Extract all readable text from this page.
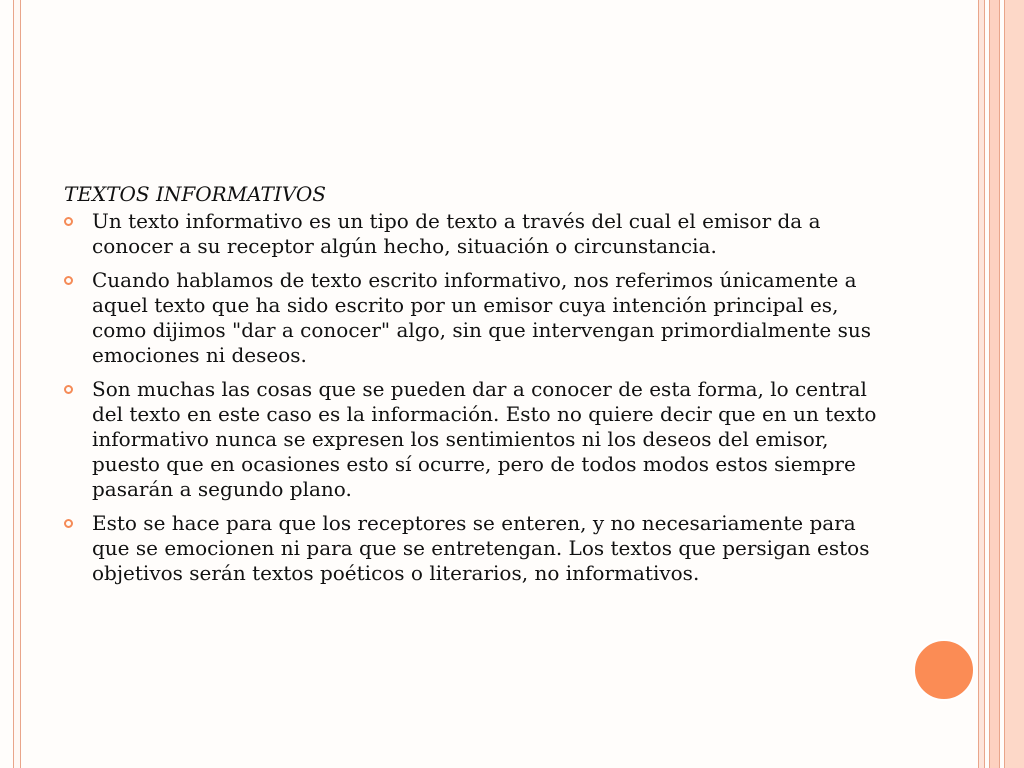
TEXTOS INFORMATIVOS
Un texto informativo es un tipo de texto a través del cual el emisor da a conocer a su receptor algún hecho, situación o circunstancia.
Cuando hablamos de texto escrito informativo, nos referimos únicamente a aquel texto que ha sido escrito por un emisor cuya intención principal es, como dijimos "dar a conocer" algo, sin que intervengan primordialmente sus emociones ni deseos.
Son muchas las cosas que se pueden dar a conocer de esta forma, lo central del texto en este caso es la información. Esto no quiere decir que en un texto informativo nunca se expresen los sentimientos ni los deseos del emisor, puesto que en ocasiones esto sí ocurre, pero de todos modos estos siempre pasarán a segundo plano.
Esto se hace para que los receptores se enteren, y no necesariamente para que se emocionen ni para que se entretengan. Los textos que persigan estos objetivos serán textos poéticos o literarios, no informativos.
